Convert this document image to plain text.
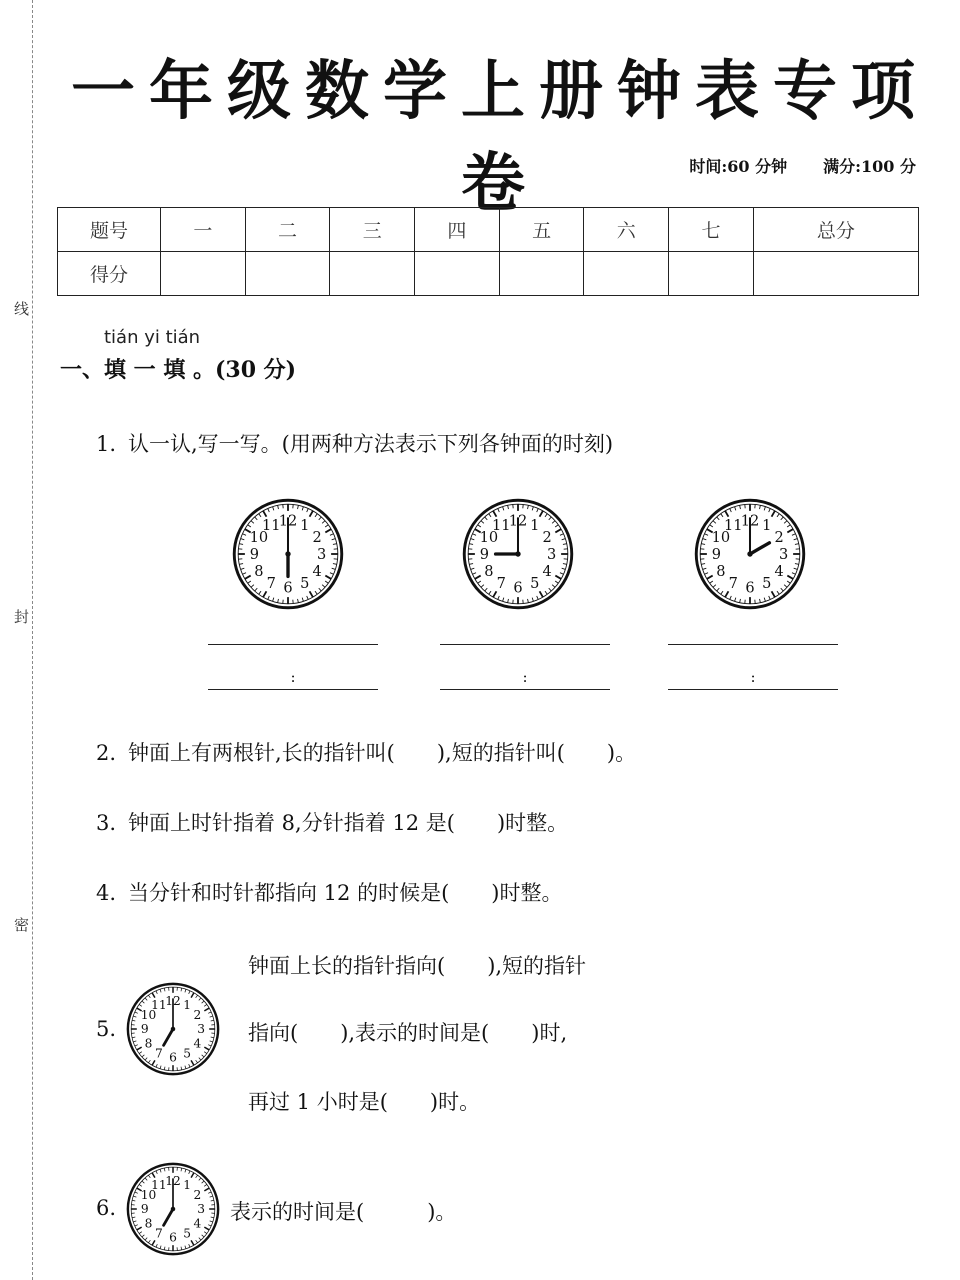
线
封
密
一年级数学上册钟表专项卷	时间:60 分钟 满分:100 分
题号	一	二	三	四	五	六	七	总分
得分								
tián yi tián
一、填 一 填 。(30 分)
1. 认一认,写一写。(用两种方法表示下列各钟面的时刻)
1
2
3
4
5
6
7
8
9
10
11
12	1
2
3
4
5
6
7
8
9
10
11
12	1
2
3
4
5
6
7
8
9
10
11
12
:	:	:
2. 钟面上有两根针,长的指针叫(　　),短的指针叫(　　)。
3. 钟面上时针指着 8,分针指着 12 是(　　)时整。
4. 当分针和时针都指向 12 的时候是(　　)时整。
5.
1
2
3
4
5
6
7
8
9
10
11
12
钟面上长的指针指向(　　),短的指针
指向(　　),表示的时间是(　　)时,
再过 1 小时是(　　)时。
6.
1
2
3
4
5
6
7
8
9
10
11
12
表示的时间是(　　　)。
